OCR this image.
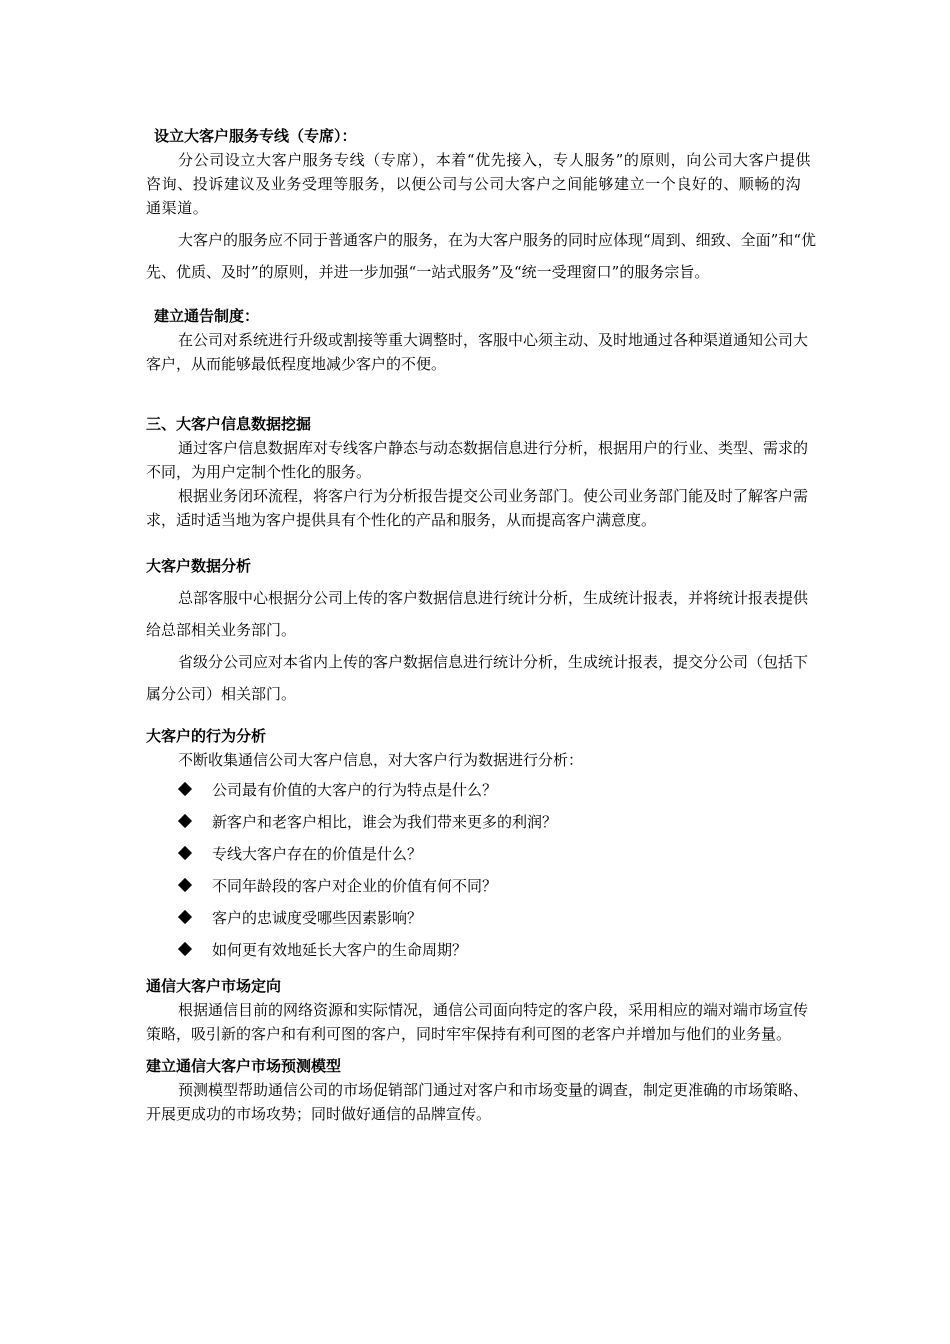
设立大客户服务专线（专席）：

分公司设立大客户服务专线（专席），本着“优先接入，专人服务”的原则，向公司大客户提供咨询、投诉建议及业务受理等服务，以便公司与公司大客户之间能够建立一个良好的、顺畅的沟通渠道。

大客户的服务应不同于普通客户的服务，在为大客户服务的同时应体现“周到、细致、全面”和“优先、优质、及时”的原则，并进一步加强“一站式服务”及“统一受理窗口”的服务宗旨。

建立通告制度：

在公司对系统进行升级或割接等重大调整时，客服中心须主动、及时地通过各种渠道通知公司大客户，从而能够最低程度地减少客户的不便。

三、大客户信息数据挖掘

通过客户信息数据库对专线客户静态与动态数据信息进行分析，根据用户的行业、类型、需求的不同，为用户定制个性化的服务。

根据业务闭环流程，将客户行为分析报告提交公司业务部门。使公司业务部门能及时了解客户需求，适时适当地为客户提供具有个性化的产品和服务，从而提高客户满意度。

大客户数据分析

总部客服中心根据分公司上传的客户数据信息进行统计分析，生成统计报表，并将统计报表提供给总部相关业务部门。

省级分公司应对本省内上传的客户数据信息进行统计分析，生成统计报表，提交分公司（包括下属分公司）相关部门。

大客户的行为分析

不断收集通信公司大客户信息，对大客户行为数据进行分析：

公司最有价值的大客户的行为特点是什么？
新客户和老客户相比，谁会为我们带来更多的利润？
专线大客户存在的价值是什么？
不同年龄段的客户对企业的价值有何不同？
客户的忠诚度受哪些因素影响？
如何更有效地延长大客户的生命周期？
通信大客户市场定向

根据通信目前的网络资源和实际情况，通信公司面向特定的客户段，采用相应的端对端市场宣传策略，吸引新的客户和有利可图的客户，同时牢牢保持有利可图的老客户并增加与他们的业务量。

建立通信大客户市场预测模型

预测模型帮助通信公司的市场促销部门通过对客户和市场变量的调查，制定更准确的市场策略、开展更成功的市场攻势；同时做好通信的品牌宣传。
